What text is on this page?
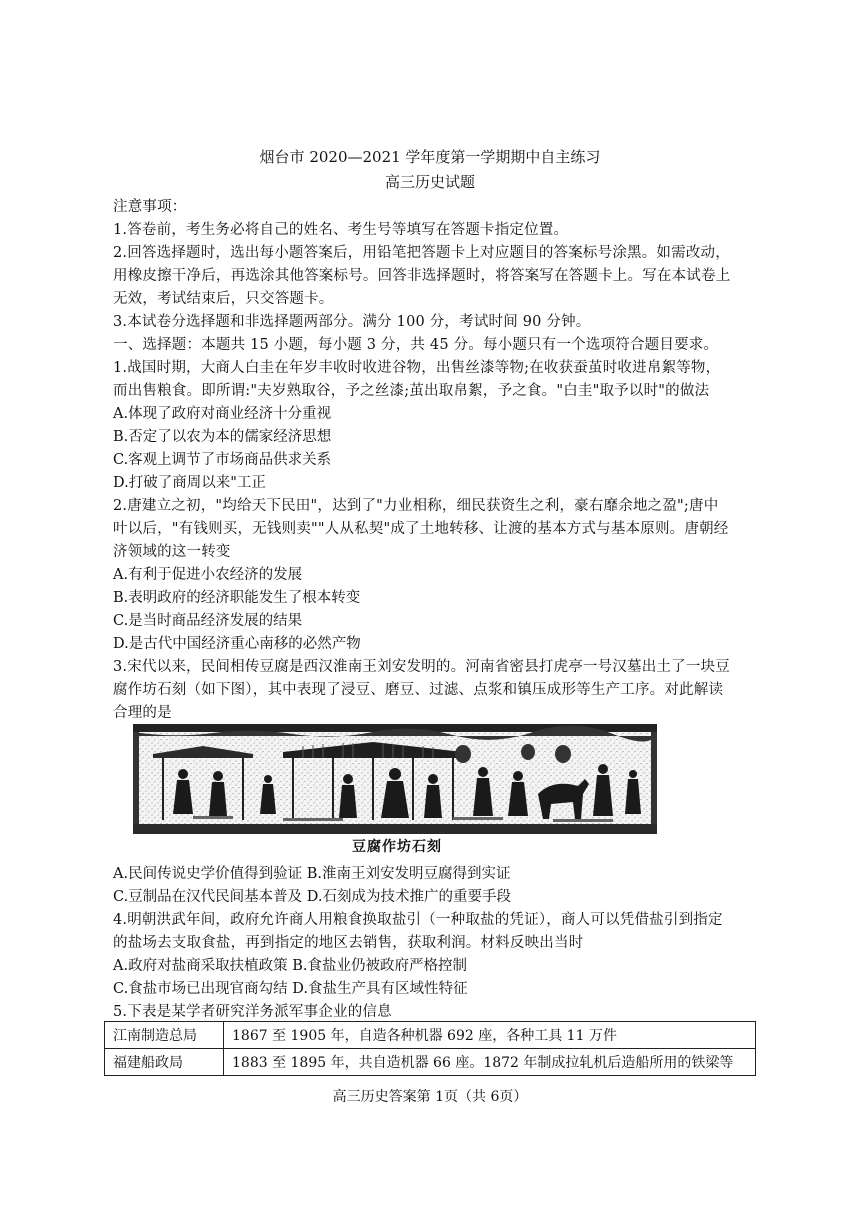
烟台市 2020—2021 学年度第一学期期中自主练习
高三历史试题
注意事项：
1.答卷前，考生务必将自己的姓名、考生号等填写在答题卡指定位置。
2.回答选择题时，选出每小题答案后，用铅笔把答题卡上对应题目的答案标号涂黑。如需改动，
用橡皮擦干净后，再选涂其他答案标号。回答非选择题时，将答案写在答题卡上。写在本试卷上
无效，考试结束后，只交答题卡。
3.本试卷分选择题和非选择题两部分。满分 100 分，考试时间 90 分钟。
一、选择题：本题共 15 小题，每小题 3 分，共 45 分。每小题只有一个选项符合题目要求。
1.战国时期，大商人白圭在年岁丰收时收进谷物，出售丝漆等物;在收获蚕茧时收进帛絮等物，
而出售粮食。即所谓:"夫岁熟取谷，予之丝漆;茧出取帛絮，予之食。"白圭"取予以时"的做法
A.体现了政府对商业经济十分重视
B.否定了以农为本的儒家经济思想
C.客观上调节了市场商品供求关系
D.打破了商周以来"工正
2.唐建立之初，"均给天下民田"，达到了"力业相称，细民获资生之利，豪右靡余地之盈";唐中
叶以后，"有钱则买，无钱则卖""人从私契"成了土地转移、让渡的基本方式与基本原则。唐朝经
济领域的这一转变
A.有利于促进小农经济的发展
B.表明政府的经济职能发生了根本转变
C.是当时商品经济发展的结果
D.是古代中国经济重心南移的必然产物
3.宋代以来，民间相传豆腐是西汉淮南王刘安发明的。河南省密县打虎亭一号汉墓出土了一块豆
腐作坊石刻（如下图），其中表现了浸豆、磨豆、过滤、点浆和镇压成形等生产工序。对此解读
合理的是
豆腐作坊石刻
A.民间传说史学价值得到验证 B.淮南王刘安发明豆腐得到实证
C.豆制品在汉代民间基本普及 D.石刻成为技术推广的重要手段
4.明朝洪武年间，政府允许商人用粮食换取盐引（一种取盐的凭证），商人可以凭借盐引到指定
的盐场去支取食盐，再到指定的地区去销售，获取利润。材料反映出当时
A.政府对盐商采取扶植政策 B.食盐业仍被政府严格控制
C.食盐市场已出现官商勾结 D.食盐生产具有区域性特征
5.下表是某学者研究洋务派军事企业的信息
江南制造总局	1867 至 1905 年，自造各种机器 692 座，各种工具 11 万件
福建船政局	1883 至 1895 年，共自造机器 66 座。1872 年制成拉轧机后造船所用的铁梁等
高三历史答案第 1页（共 6页）
